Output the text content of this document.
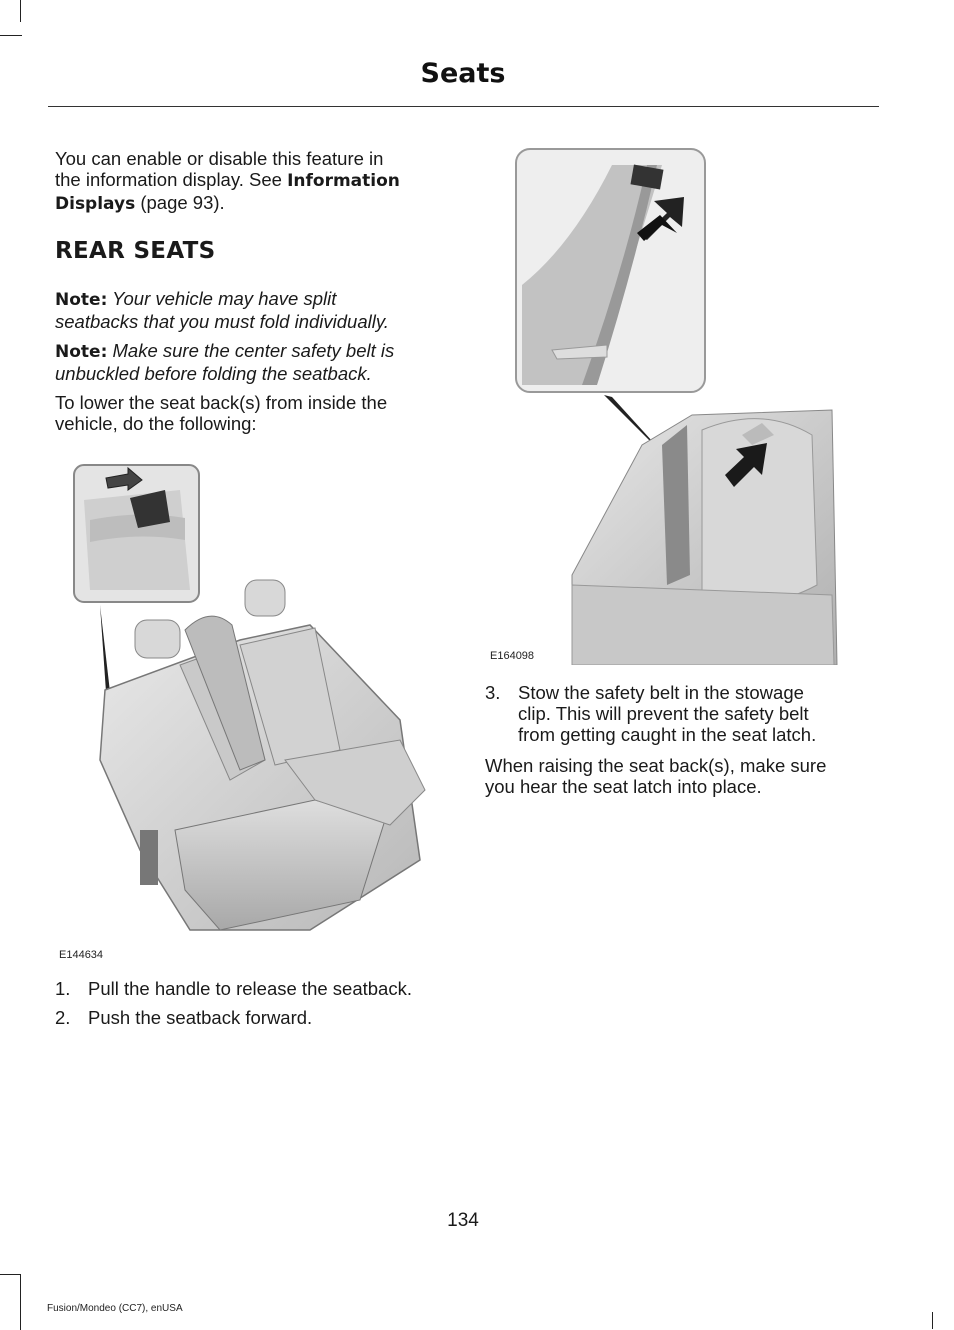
Seats

You can enable or disable this feature in

the information display. See Information

Displays (page 93).

REAR SEATS

Note: Your vehicle may have split

seatbacks that you must fold individually.

Note: Make sure the center safety belt is

unbuckled before folding the seatback.

To lower the seat back(s) from inside the

vehicle, do the following:

E144634
1. Pull the handle to release the seatback.
2. Push the seatback forward.
E164098
3. Stow the safety belt in the stowage
clip. This will prevent the safety belt
from getting caught in the seat latch.

When raising the seat back(s), make sure

you hear the seat latch into place.

134
Fusion/Mondeo (CC7), enUSA
